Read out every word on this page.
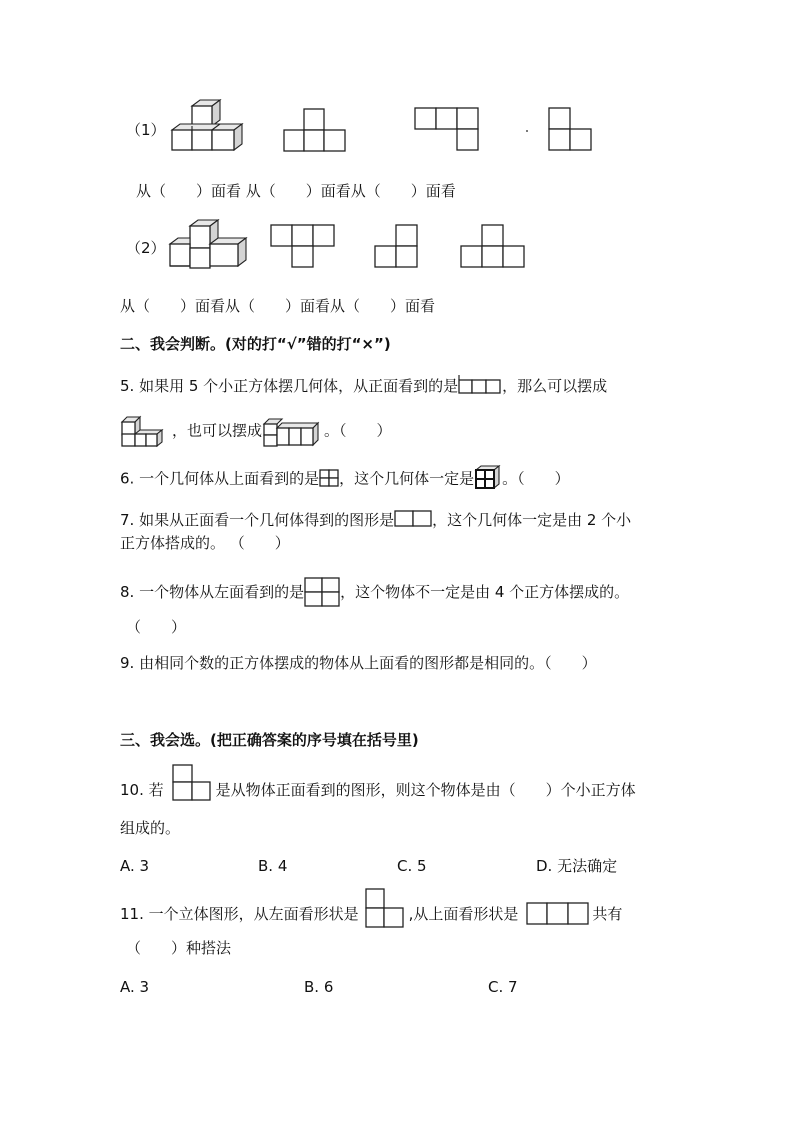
（1）
从（　　）面看 从（　　）面看从（　　）面看
（2）
从（　　）面看从（　　）面看从（　　）面看
二、我会判断。(对的打“√”错的打“×”)
5. 如果用 5 个小正方体摆几何体，从正面看到的是	，那么可以摆成
，也可以摆成	。（　　）
6. 一个几何体从上面看到的是 ，这个几何体一定是 。（　　）
7. 如果从正面看一个几何体得到的图形是	，这个几何体一定是由 2 个小
正方体搭成的。 （　　）
8. 一个物体从左面看到的是 ，这个物体不一定是由 4 个正方体摆成的。
（　　）
9. 由相同个数的正方体摆成的物体从上面看的图形都是相同的。（　　）
三、我会选。(把正确答案的序号填在括号里)
10. 若	是从物体正面看到的图形，则这个物体是由（　　）个小正方体
组成的。
A. 3	B. 4	C. 5	D. 无法确定
11. 一个立体图形，从左面看形状是	,从上面看形状是	共有
（　　）种搭法
A. 3	B. 6	C. 7
